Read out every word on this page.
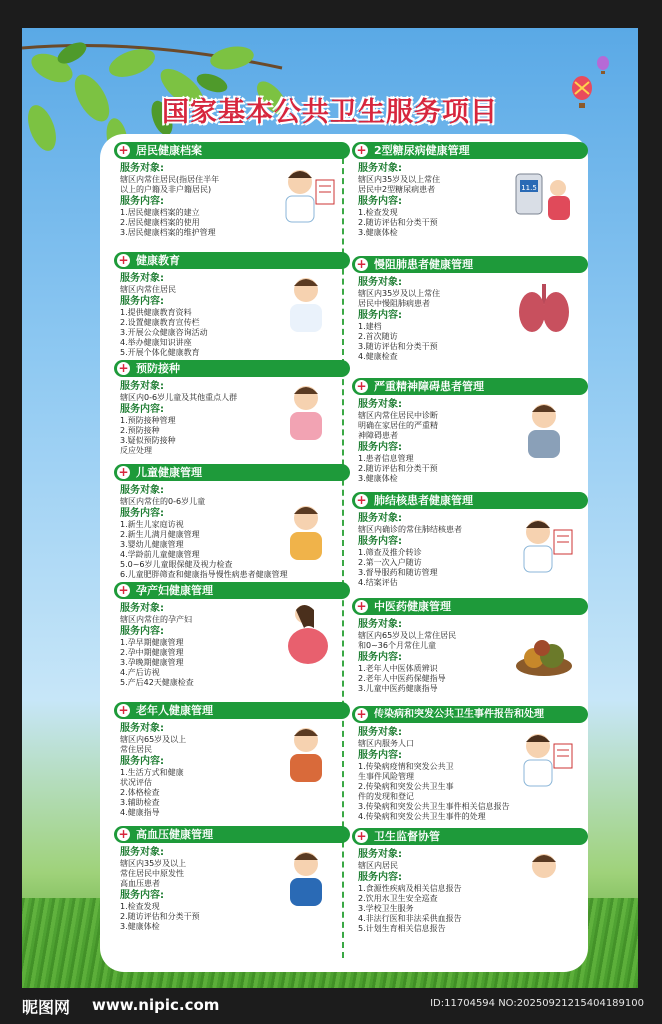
国家基本公共卫生服务项目
+ 居民健康档案
服务对象:
辖区内常住居民(指居住半年
以上的户籍及非户籍居民)
服务内容:
1.居民健康档案的建立
2.居民健康档案的使用
3.居民健康档案的维护管理
+ 健康教育
服务对象:
辖区内常住居民
服务内容:
1.提供健康教育资料
2.设置健康教育宣传栏
3.开展公众健康咨询活动
4.举办健康知识讲座
5.开展个体化健康教育
+ 预防接种
服务对象:
辖区内0-6岁儿童及其他重点人群
服务内容:
1.预防接种管理
2.预防接种
3.疑似预防接种
反应处理
+ 儿童健康管理
服务对象:
辖区内常住的0-6岁儿童
服务内容:
1.新生儿家庭访视
2.新生儿满月健康管理
3.婴幼儿健康管理
4.学龄前儿童健康管理
5.0~6岁儿童眼保健及视力检查
6.儿童肥胖筛查和健康指导慢性病患者健康管理
+ 孕产妇健康管理
服务对象:
辖区内常住的孕产妇
服务内容:
1.孕早期健康管理
2.孕中期健康管理
3.孕晚期健康管理
4.产后访视
5.产后42天健康检查
+ 老年人健康管理
服务对象:
辖区内65岁及以上
常住居民
服务内容:
1.生活方式和健康
状况评估
2.体格检查
3.辅助检查
4.健康指导
+ 高血压健康管理
服务对象:
辖区内35岁及以上
常住居民中原发性
高血压患者
服务内容:
1.检查发现
2.随访评估和分类干预
3.健康体检
+ 2型糖尿病健康管理
服务对象:
辖区内35岁及以上常住
居民中2型糖尿病患者
服务内容:
1.检查发现
2.随访评估和分类干预
3.健康体检
11.5
+ 慢阻肺患者健康管理
服务对象:
辖区内35岁及以上常住
居民中慢阻肺病患者
服务内容:
1.建档
2.首次随访
3.随访评估和分类干预
4.健康检查
+ 严重精神障碍患者管理
服务对象:
辖区内常住居民中诊断
明确在家居住的严重精
神障碍患者
服务内容:
1.患者信息管理
2.随访评估和分类干预
3.健康体检
+ 肺结核患者健康管理
服务对象:
辖区内确诊的常住肺结核患者
服务内容:
1.筛查及推介转诊
2.第一次入户随访
3.督导服药和随访管理
4.结案评估
+ 中医药健康管理
服务对象:
辖区内65岁及以上常住居民
和0~36个月常住儿童
服务内容:
1.老年人中医体质辨识
2.老年人中医药保健指导
3.儿童中医药健康指导
+ 传染病和突发公共卫生事件报告和处理
服务对象:
辖区内服务人口
服务内容:
1.传染病疫情和突发公共卫
生事件风险管理
2.传染病和突发公共卫生事
件的发现和登记
3.传染病和突发公共卫生事件相关信息报告
4.传染病和突发公共卫生事件的处理
+ 卫生监督协管
服务对象:
辖区内居民
服务内容:
1.食源性疾病及相关信息报告
2.饮用水卫生安全巡查
3.学校卫生服务
4.非法行医和非法采供血报告
5.计划生育相关信息报告
昵图网 www.nipic.com	ID:11704594 NO:20250921215404189100
